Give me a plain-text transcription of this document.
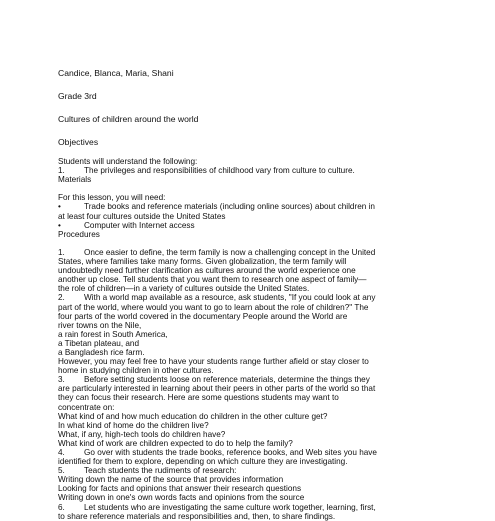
Candice, Blanca, Maria, Shani

Grade 3rd

Cultures of children around the world

Objectives

Students will understand the following:

1. The privileges and responsibilities of childhood vary from culture to culture.

Materials

For this lesson, you will need:

•	Trade books and reference materials (including online sources) about children in

at least four cultures outside the United States

•	Computer with Internet access

Procedures

1. Once easier to define, the term family is now a challenging concept in the United

States, where families take many forms. Given globalization, the term family will

undoubtedly need further clarification as cultures around the world experience one

another up close. Tell students that you want them to research one aspect of family—

the role of children—in a variety of cultures outside the United States.

2. With a world map available as a resource, ask students, "If you could look at any

part of the world, where would you want to go to learn about the role of children?" The

four parts of the world covered in the documentary People around the World are

river towns on the Nile,

a rain forest in South America,

a Tibetan plateau, and

a Bangladesh rice farm.

However, you may feel free to have your students range further afield or stay closer to

home in studying children in other cultures.

3. Before setting students loose on reference materials, determine the things they

are particularly interested in learning about their peers in other parts of the world so that

they can focus their research. Here are some questions students may want to

concentrate on:

What kind of and how much education do children in the other culture get?

In what kind of home do the children live?

What, if any, high-tech tools do children have?

What kind of work are children expected to do to help the family?

4. Go over with students the trade books, reference books, and Web sites you have

identified for them to explore, depending on which culture they are investigating.

5. Teach students the rudiments of research:

Writing down the name of the source that provides information

Looking for facts and opinions that answer their research questions

Writing down in one's own words facts and opinions from the source

6. Let students who are investigating the same culture work together, learning, first,

to share reference materials and responsibilities and, then, to share findings.
